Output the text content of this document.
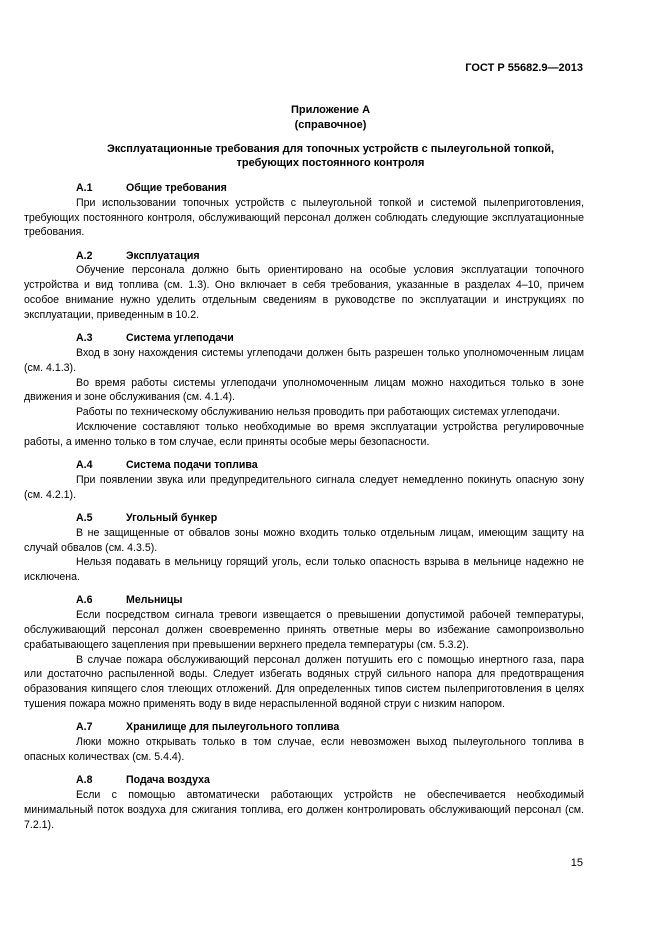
ГОСТ Р 55682.9—2013
Приложение А
(справочное)
Эксплуатационные требования для топочных устройств с пылеугольной топкой,
требующих постоянного контроля
А.1	Общие требования

При использовании топочных устройств с пылеугольной топкой и системой пылеприготовления, требующих постоянного контроля, обслуживающий персонал должен соблюдать следующие эксплуатационные требования.

А.2	Эксплуатация

Обучение персонала должно быть ориентировано на особые условия эксплуатации топочного устройства и вид топлива (см. 1.3). Оно включает в себя требования, указанные в разделах 4–10, причем особое внимание нужно уделить отдельным сведениям в руководстве по эксплуатации и инструкциях по эксплуатации, приведенным в 10.2.

А.3	Система углеподачи

Вход в зону нахождения системы углеподачи должен быть разрешен только уполномоченным лицам (см. 4.1.3).

Во время работы системы углеподачи уполномоченным лицам можно находиться только в зоне движения и зоне обслуживания (см. 4.1.4).

Работы по техническому обслуживанию нельзя проводить при работающих системах углеподачи.

Исключение составляют только необходимые во время эксплуатации устройства регулировочные работы, а именно только в том случае, если приняты особые меры безопасности.

А.4	Система подачи топлива

При появлении звука или предупредительного сигнала следует немедленно покинуть опасную зону (см. 4.2.1).

А.5	Угольный бункер

В не защищенные от обвалов зоны можно входить только отдельным лицам, имеющим защиту на случай обвалов (см. 4.3.5).

Нельзя подавать в мельницу горящий уголь, если только опасность взрыва в мельнице надежно не исключена.

А.6	Мельницы

Если посредством сигнала тревоги извещается о превышении допустимой рабочей температуры, обслуживающий персонал должен своевременно принять ответные меры во избежание самопроизвольно срабатывающего зацепления при превышении верхнего предела температуры (см. 5.3.2).

В случае пожара обслуживающий персонал должен потушить его с помощью инертного газа, пара или достаточно распыленной воды. Следует избегать водяных струй сильного напора для предотвращения образования кипящего слоя тлеющих отложений. Для определенных типов систем пылеприготовления в целях тушения пожара можно применять воду в виде нераспыленной водяной струи с низким напором.

А.7	Хранилище для пылеугольного топлива

Люки можно открывать только в том случае, если невозможен выход пылеугольного топлива в опасных количествах (см. 5.4.4).

А.8	Подача воздуха

Если с помощью автоматически работающих устройств не обеспечивается необходимый минимальный поток воздуха для сжигания топлива, его должен контролировать обслуживающий персонал (см. 7.2.1).

15
